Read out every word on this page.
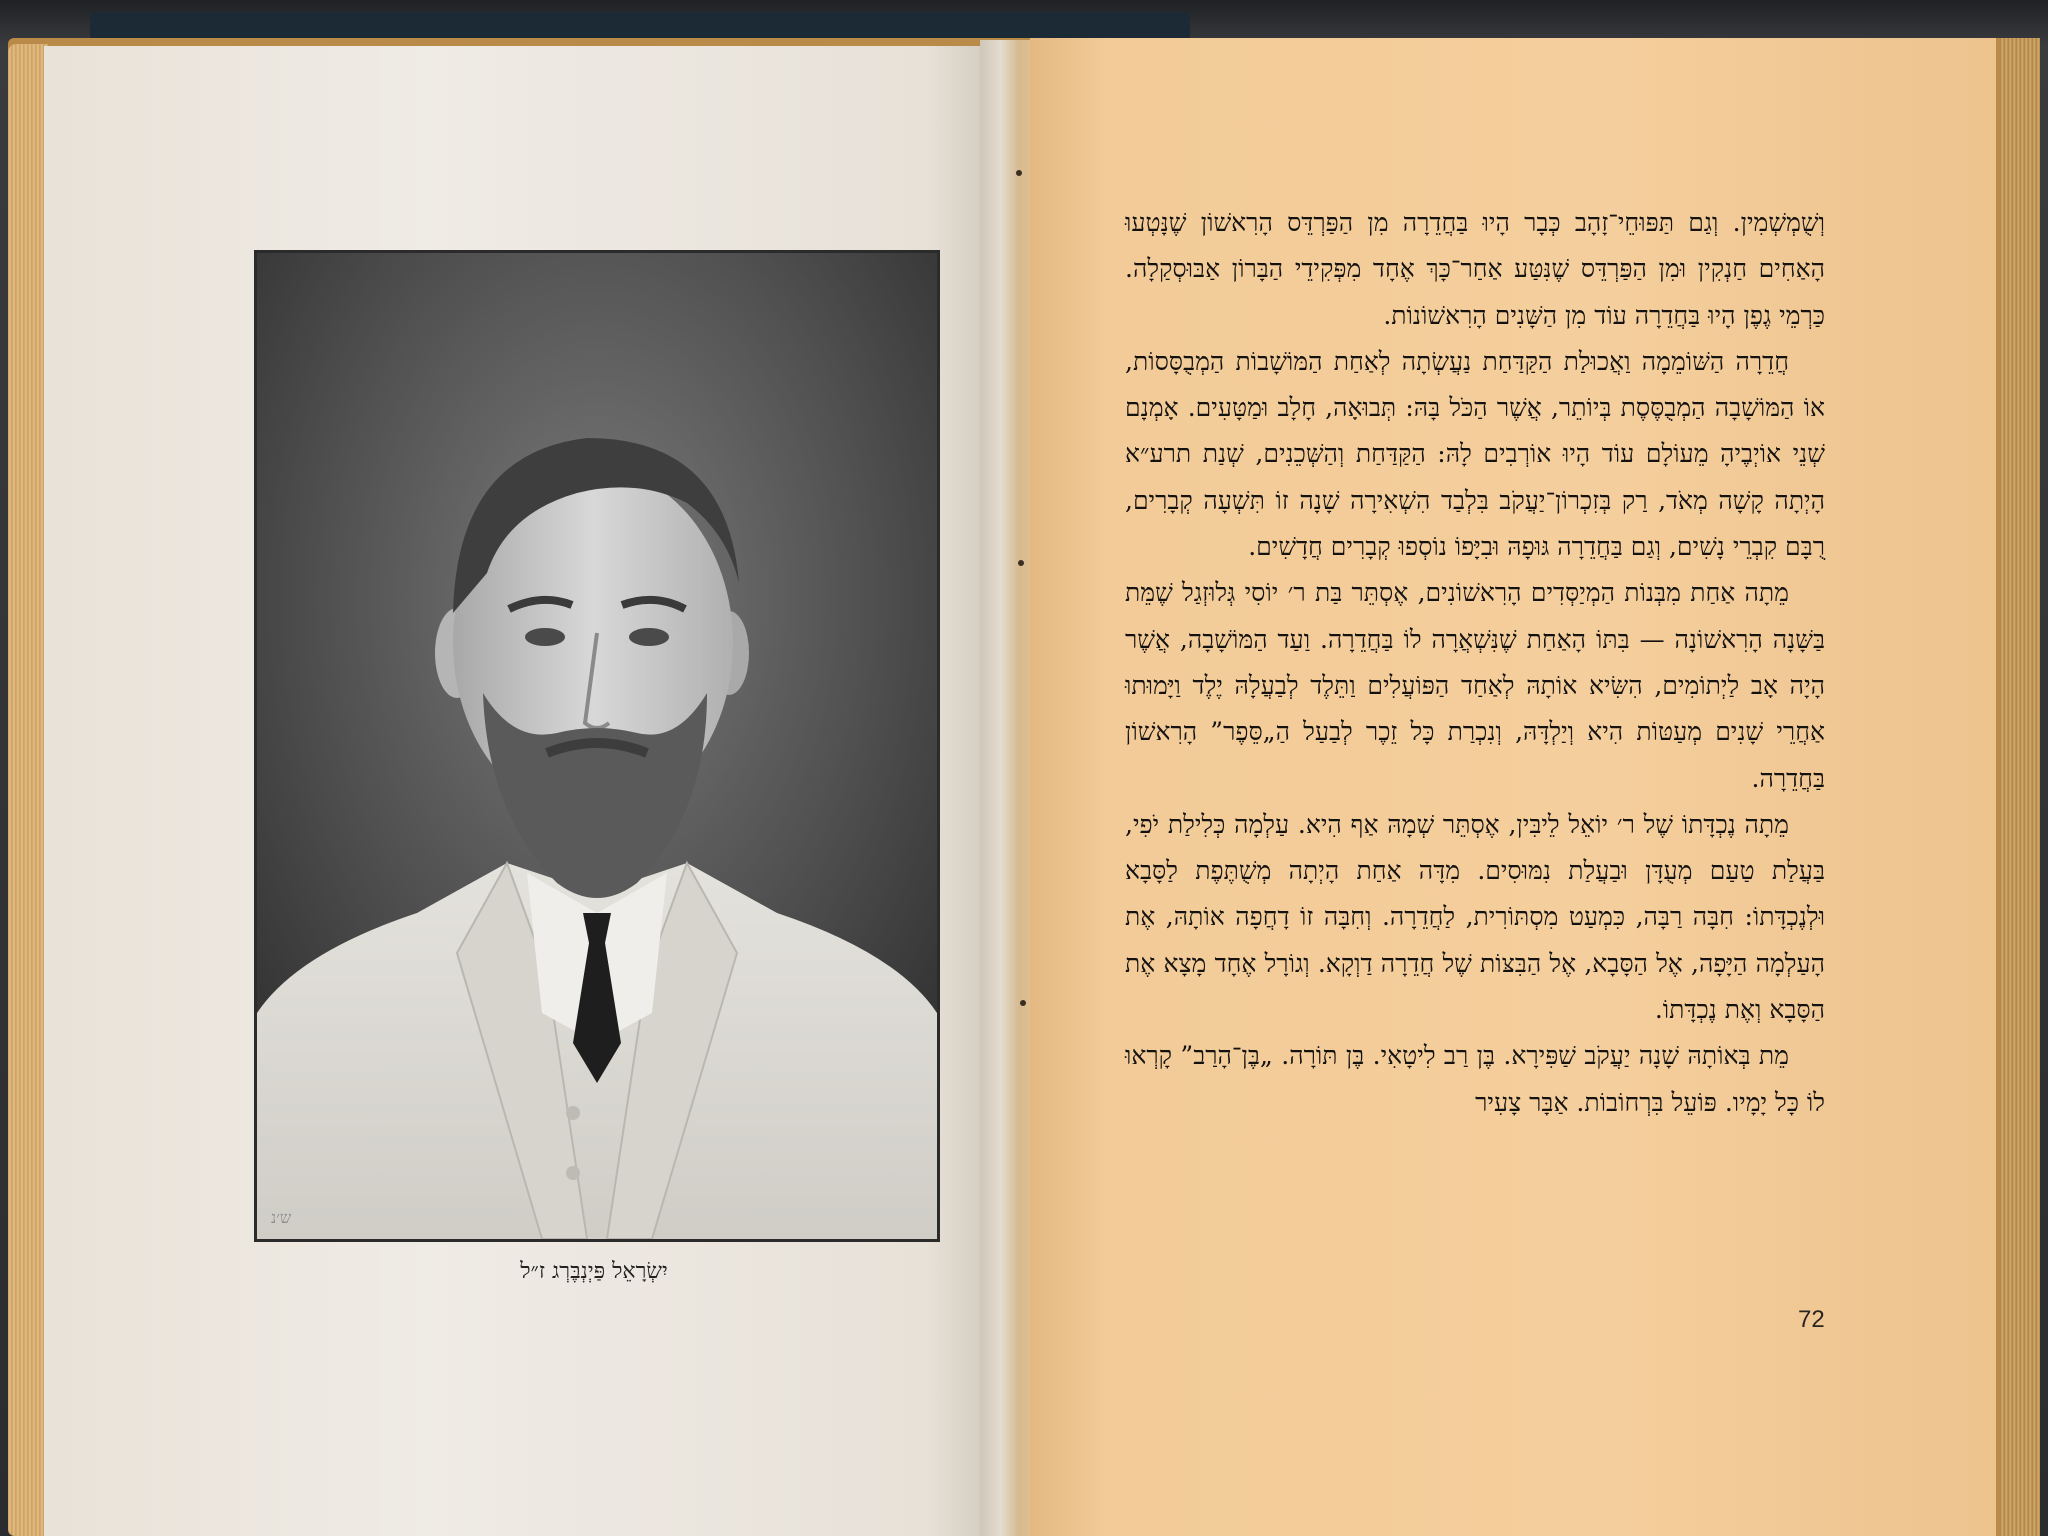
ש׳נ
יִשְׂרָאֵל פַּיְנְבֶּרְג ז״ל

וְשֻׁמְשְׁמִין. וְגַם תַּפּוּחֵי־זָהָב כְּבָר הָיוּ בַּחֲדֵרָה מִן הַפַּרְדֵּס הָרִאשׁוֹן שֶׁנָּטְעוּ הָאַחִים חַנְקִין וּמִן הַפַּרְדֵּס שֶׁנִּטַּע אַחַר־כָּךְ אֶחָד מִפְּקִידֵי הַבָּרוֹן אַבּוּסְקַלָה. כַּרְמֵי גֶפֶן הָיוּ בַּחֲדֵרָה עוֹד מִן הַשָּׁנִים הָרִאשׁוֹנוֹת.

חֲדֵרָה הַשּׁוֹמֵמָה וַאֲכוּלַת הַקַּדַּחַת נַעֲשְׂתָה לְאַחַת הַמּוֹשָׁבוֹת הַמְבֻסָּסוֹת, אוֹ הַמּוֹשָׁבָה הַמְבֻסֶּסֶת בְּיוֹתֵר, אֲשֶׁר הַכֹּל בָּהּ: תְּבוּאָה, חָלָב וּמַטָּעִים. אָמְנָם שְׁנֵי אוֹיְבֶיהָ מֵעוֹלָם עוֹד הָיוּ אוֹרְבִים לָהּ: הַקַּדַּחַת וְהַשְּׁכֵנִים, שְׁנַת תרע״א הָיְתָה קָשָׁה מְאֹד, רַק בְּזִכְרוֹן־יַעֲקֹב בִּלְבַד הִשְׁאִירָה שָׁנָה זוֹ תִּשְׁעָה קְבָרִים, רֻבָּם קִבְרֵי נָשִׁים, וְגַם בַּחֲדֵרָה גּוּפָהּ וּבִיָּפוֹ נוֹסְפוּ קְבָרִים חֲדָשִׁים.

מֵתָה אַחַת מִבְּנוֹת הַמְיַסְּדִים הָרִאשׁוֹנִים, אֶסְתֵּר בַּת ר׳ יוֹסִי גְּלוּזְגַל שֶׁמֵּת בַּשָּׁנָה הָרִאשׁוֹנָה — בִּתּוֹ הָאַחַת שֶׁנִּשְׁאֲרָה לוֹ בַּחֲדֵרָה. וַעַד הַמּוֹשָׁבָה, אֲשֶׁר הָיָה אָב לַיְתוֹמִים, הִשִּׂיא אוֹתָהּ לְאַחַד הַפּוֹעֲלִים וַתֵּלֶד לְבַעֲלָהּ יֶלֶד וַיָּמוּתוּ אַחֲרֵי שָׁנִים מְעַטּוֹת הִיא וְיַלְדָּהּ, וְנִכְרַת כָּל זֵכֶר לְבַעַל הַ„סֵּפֶר” הָרִאשׁוֹן בַּחֲדֵרָה.

מֵתָה נֶכְדָּתוֹ שֶׁל ר׳ יוֹאֵל לֵיבִּין, אֶסְתֵּר שְׁמָהּ אַף הִיא. עַלְמָה כְּלִילַת יֹפִי, בַּעֲלַת טַעַם מְעֻדָּן וּבַעֲלַת נִמּוּסִים. מִדָּה אַחַת הָיְתָה מְשֻׁתֶּפֶת לַסָּבָא וּלְנֶכְדָּתוֹ: חִבָּה רַבָּה, כִּמְעַט מִסְתּוֹרִית, לַחֲדֵרָה. וְחִבָּה זוֹ דָחֲפָה אוֹתָהּ, אֶת הָעַלְמָה הַיָּפָה, אֶל הַסָּבָא, אֶל הַבִּצּוֹת שֶׁל חֲדֵרָה דַוְקָא. וְגוֹרָל אֶחָד מָצָא אֶת הַסָּבָא וְאֶת נֶכְדָּתוֹ.

מֵת בְּאוֹתָהּ שָׁנָה יַעֲקֹב שַׁפִּירָא. בֶּן רַב לִיטָאִי. בֶּן תּוֹרָה. „בֶּן־הָרַב” קָרְאוּ לוֹ כָּל יָמָיו. פּוֹעֵל בִּרְחוֹבוֹת. אַבָּר צָעִיר

72
